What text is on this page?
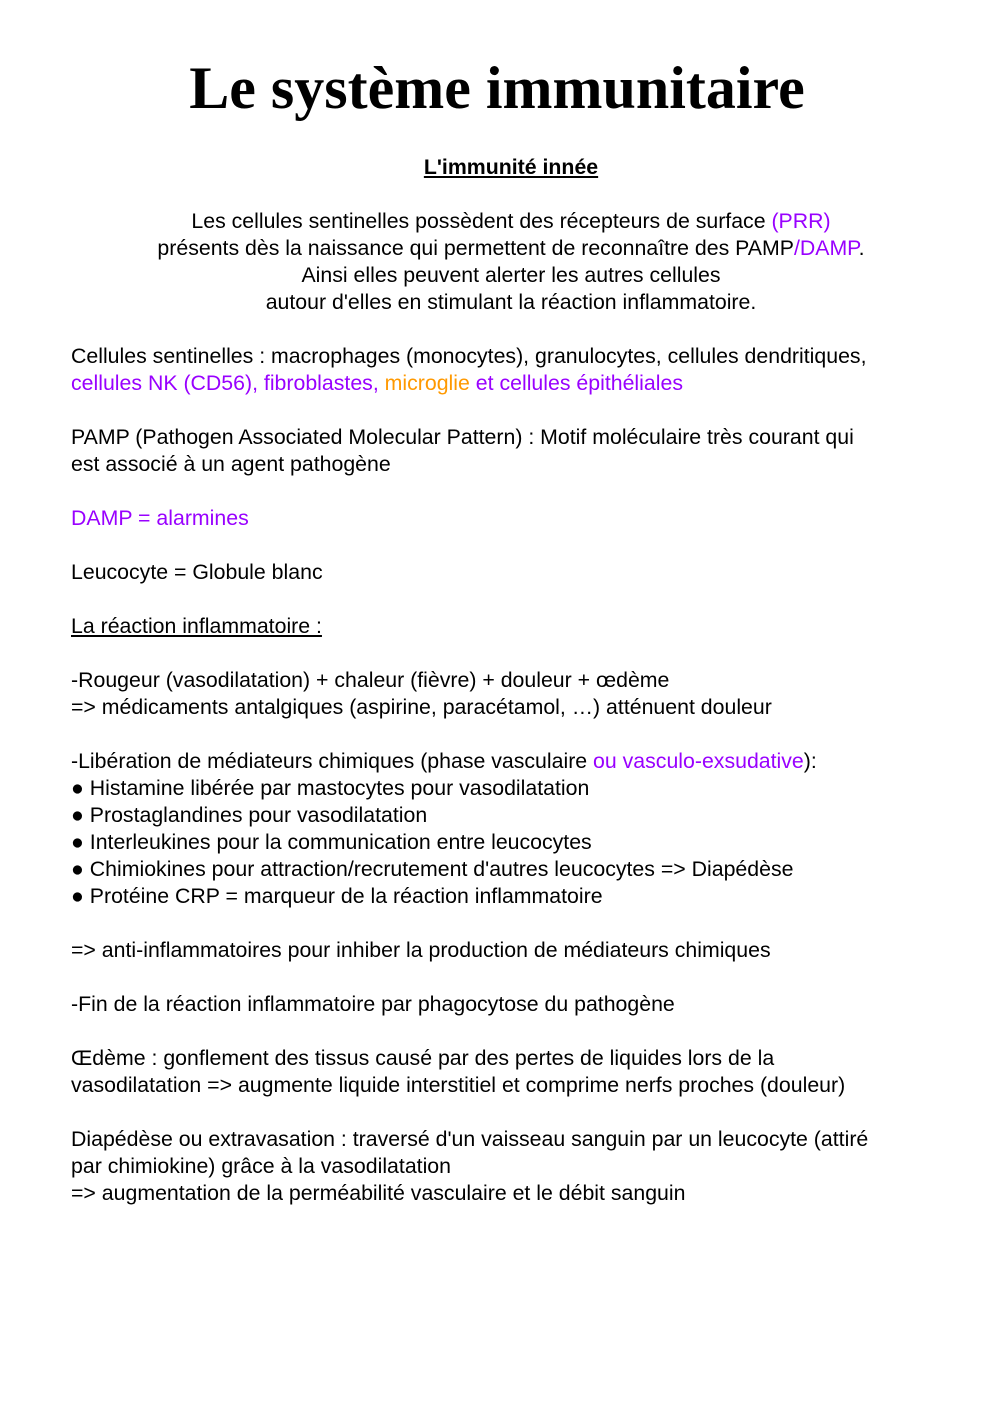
Le système immunitaire

L'immunité innée

Les cellules sentinelles possèdent des récepteurs de surface (PRR)

présents dès la naissance qui permettent de reconnaître des PAMP/DAMP.

Ainsi elles peuvent alerter les autres cellules

autour d'elles en stimulant la réaction inflammatoire.

Cellules sentinelles : macrophages (monocytes), granulocytes, cellules dendritiques,

cellules NK (CD56), fibroblastes, microglie et cellules épithéliales

PAMP (Pathogen Associated Molecular Pattern) : Motif moléculaire très courant qui

est associé à un agent pathogène

DAMP = alarmines

Leucocyte = Globule blanc

La réaction inflammatoire :

-Rougeur (vasodilatation) + chaleur (fièvre) + douleur + œdème

=> médicaments antalgiques (aspirine, paracétamol, …) atténuent douleur

-Libération de médiateurs chimiques (phase vasculaire ou vasculo-exsudative):

● Histamine libérée par mastocytes pour vasodilatation

● Prostaglandines pour vasodilatation

● Interleukines pour la communication entre leucocytes

● Chimiokines pour attraction/recrutement d'autres leucocytes => Diapédèse

● Protéine CRP = marqueur de la réaction inflammatoire

=> anti-inflammatoires pour inhiber la production de médiateurs chimiques

-Fin de la réaction inflammatoire par phagocytose du pathogène

Œdème : gonflement des tissus causé par des pertes de liquides lors de la

vasodilatation => augmente liquide interstitiel et comprime nerfs proches (douleur)

Diapédèse ou extravasation : traversé d'un vaisseau sanguin par un leucocyte (attiré

par chimiokine) grâce à la vasodilatation

=> augmentation de la perméabilité vasculaire et le débit sanguin
